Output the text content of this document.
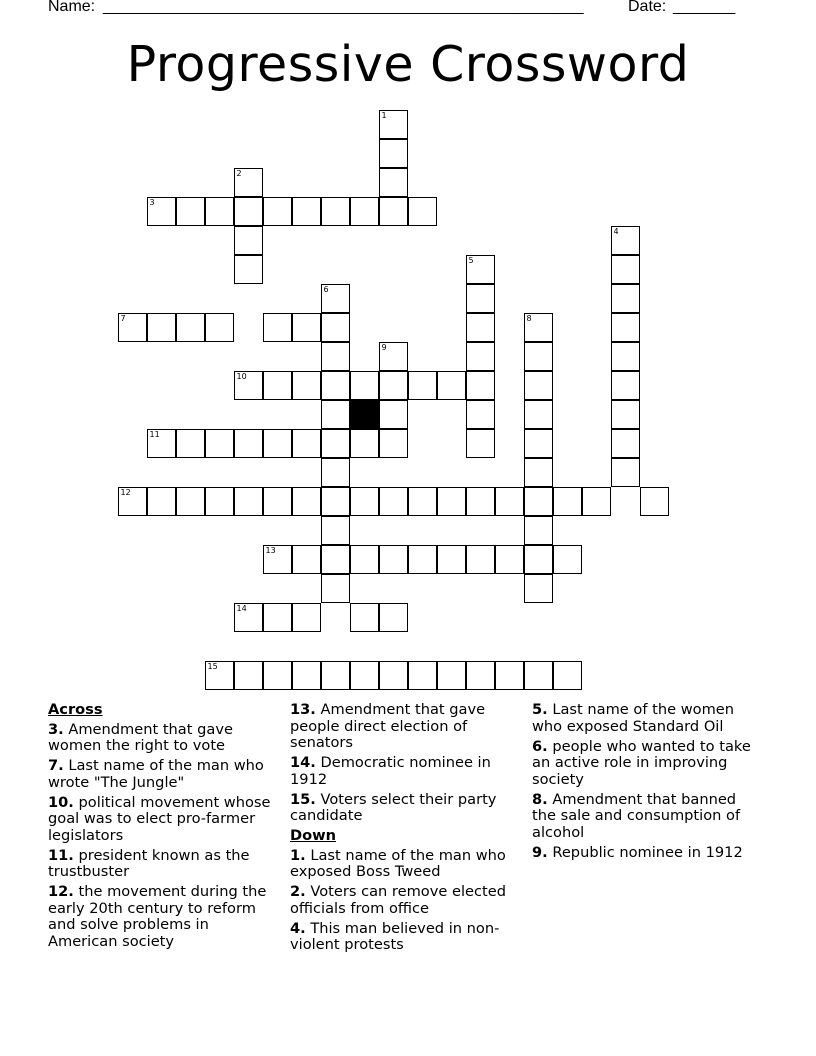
Name: ______________________________________________________	Date: _______
Progressive Crossword
1
2
3
4
5
6
7	8
9
10
11
12
13
14
15
Across
3. Amendment that gave women the right to vote
7. Last name of the man who wrote "The Jungle"
10. political movement whose goal was to elect pro-farmer legislators
11. president known as the trustbuster
12. the movement during the early 20th century to reform and solve problems in American society
13. Amendment that gave people direct election of senators
14. Democratic nominee in 1912
15. Voters select their party candidate
Down
1. Last name of the man who exposed Boss Tweed
2. Voters can remove elected officials from office
4. This man believed in non-violent protests
5. Last name of the women who exposed Standard Oil
6. people who wanted to take an active role in improving society
8. Amendment that banned the sale and consumption of alcohol
9. Republic nominee in 1912
